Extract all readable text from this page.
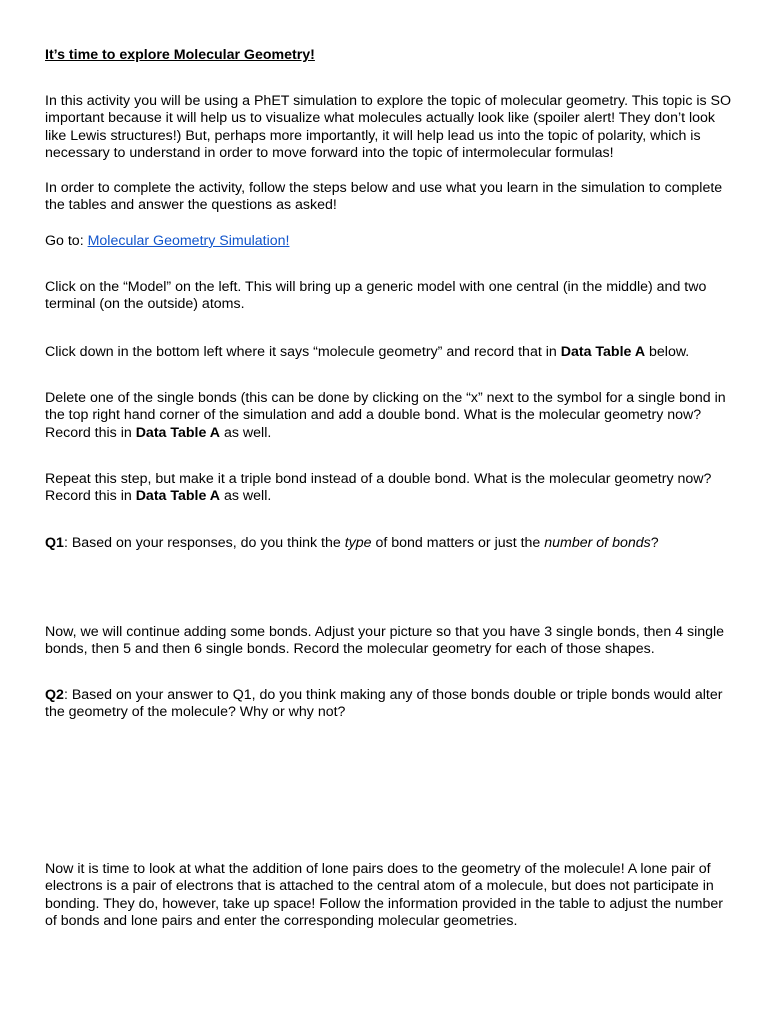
It’s time to explore Molecular Geometry!

In this activity you will be using a PhET simulation to explore the topic of molecular geometry. This topic is SO important because it will help us to visualize what molecules actually look like (spoiler alert! They don’t look like Lewis structures!) But, perhaps more importantly, it will help lead us into the topic of polarity, which is necessary to understand in order to move forward into the topic of intermolecular formulas!

In order to complete the activity, follow the steps below and use what you learn in the simulation to complete the tables and answer the questions as asked!

Go to: Molecular Geometry Simulation!

Click on the “Model” on the left. This will bring up a generic model with one central (in the middle) and two terminal (on the outside) atoms.

Click down in the bottom left where it says “molecule geometry” and record that in Data Table A below.

Delete one of the single bonds (this can be done by clicking on the “x” next to the symbol for a single bond in the top right hand corner of the simulation and add a double bond. What is the molecular geometry now? Record this in Data Table A as well.

Repeat this step, but make it a triple bond instead of a double bond. What is the molecular geometry now? Record this in Data Table A as well.

Q1: Based on your responses, do you think the type of bond matters or just the number of bonds?

Now, we will continue adding some bonds. Adjust your picture so that you have 3 single bonds, then 4 single bonds, then 5 and then 6 single bonds. Record the molecular geometry for each of those shapes.

Q2: Based on your answer to Q1, do you think making any of those bonds double or triple bonds would alter the geometry of the molecule? Why or why not?

Now it is time to look at what the addition of lone pairs does to the geometry of the molecule! A lone pair of electrons is a pair of electrons that is attached to the central atom of a molecule, but does not participate in bonding. They do, however, take up space! Follow the information provided in the table to adjust the number of bonds and lone pairs and enter the corresponding molecular geometries.
